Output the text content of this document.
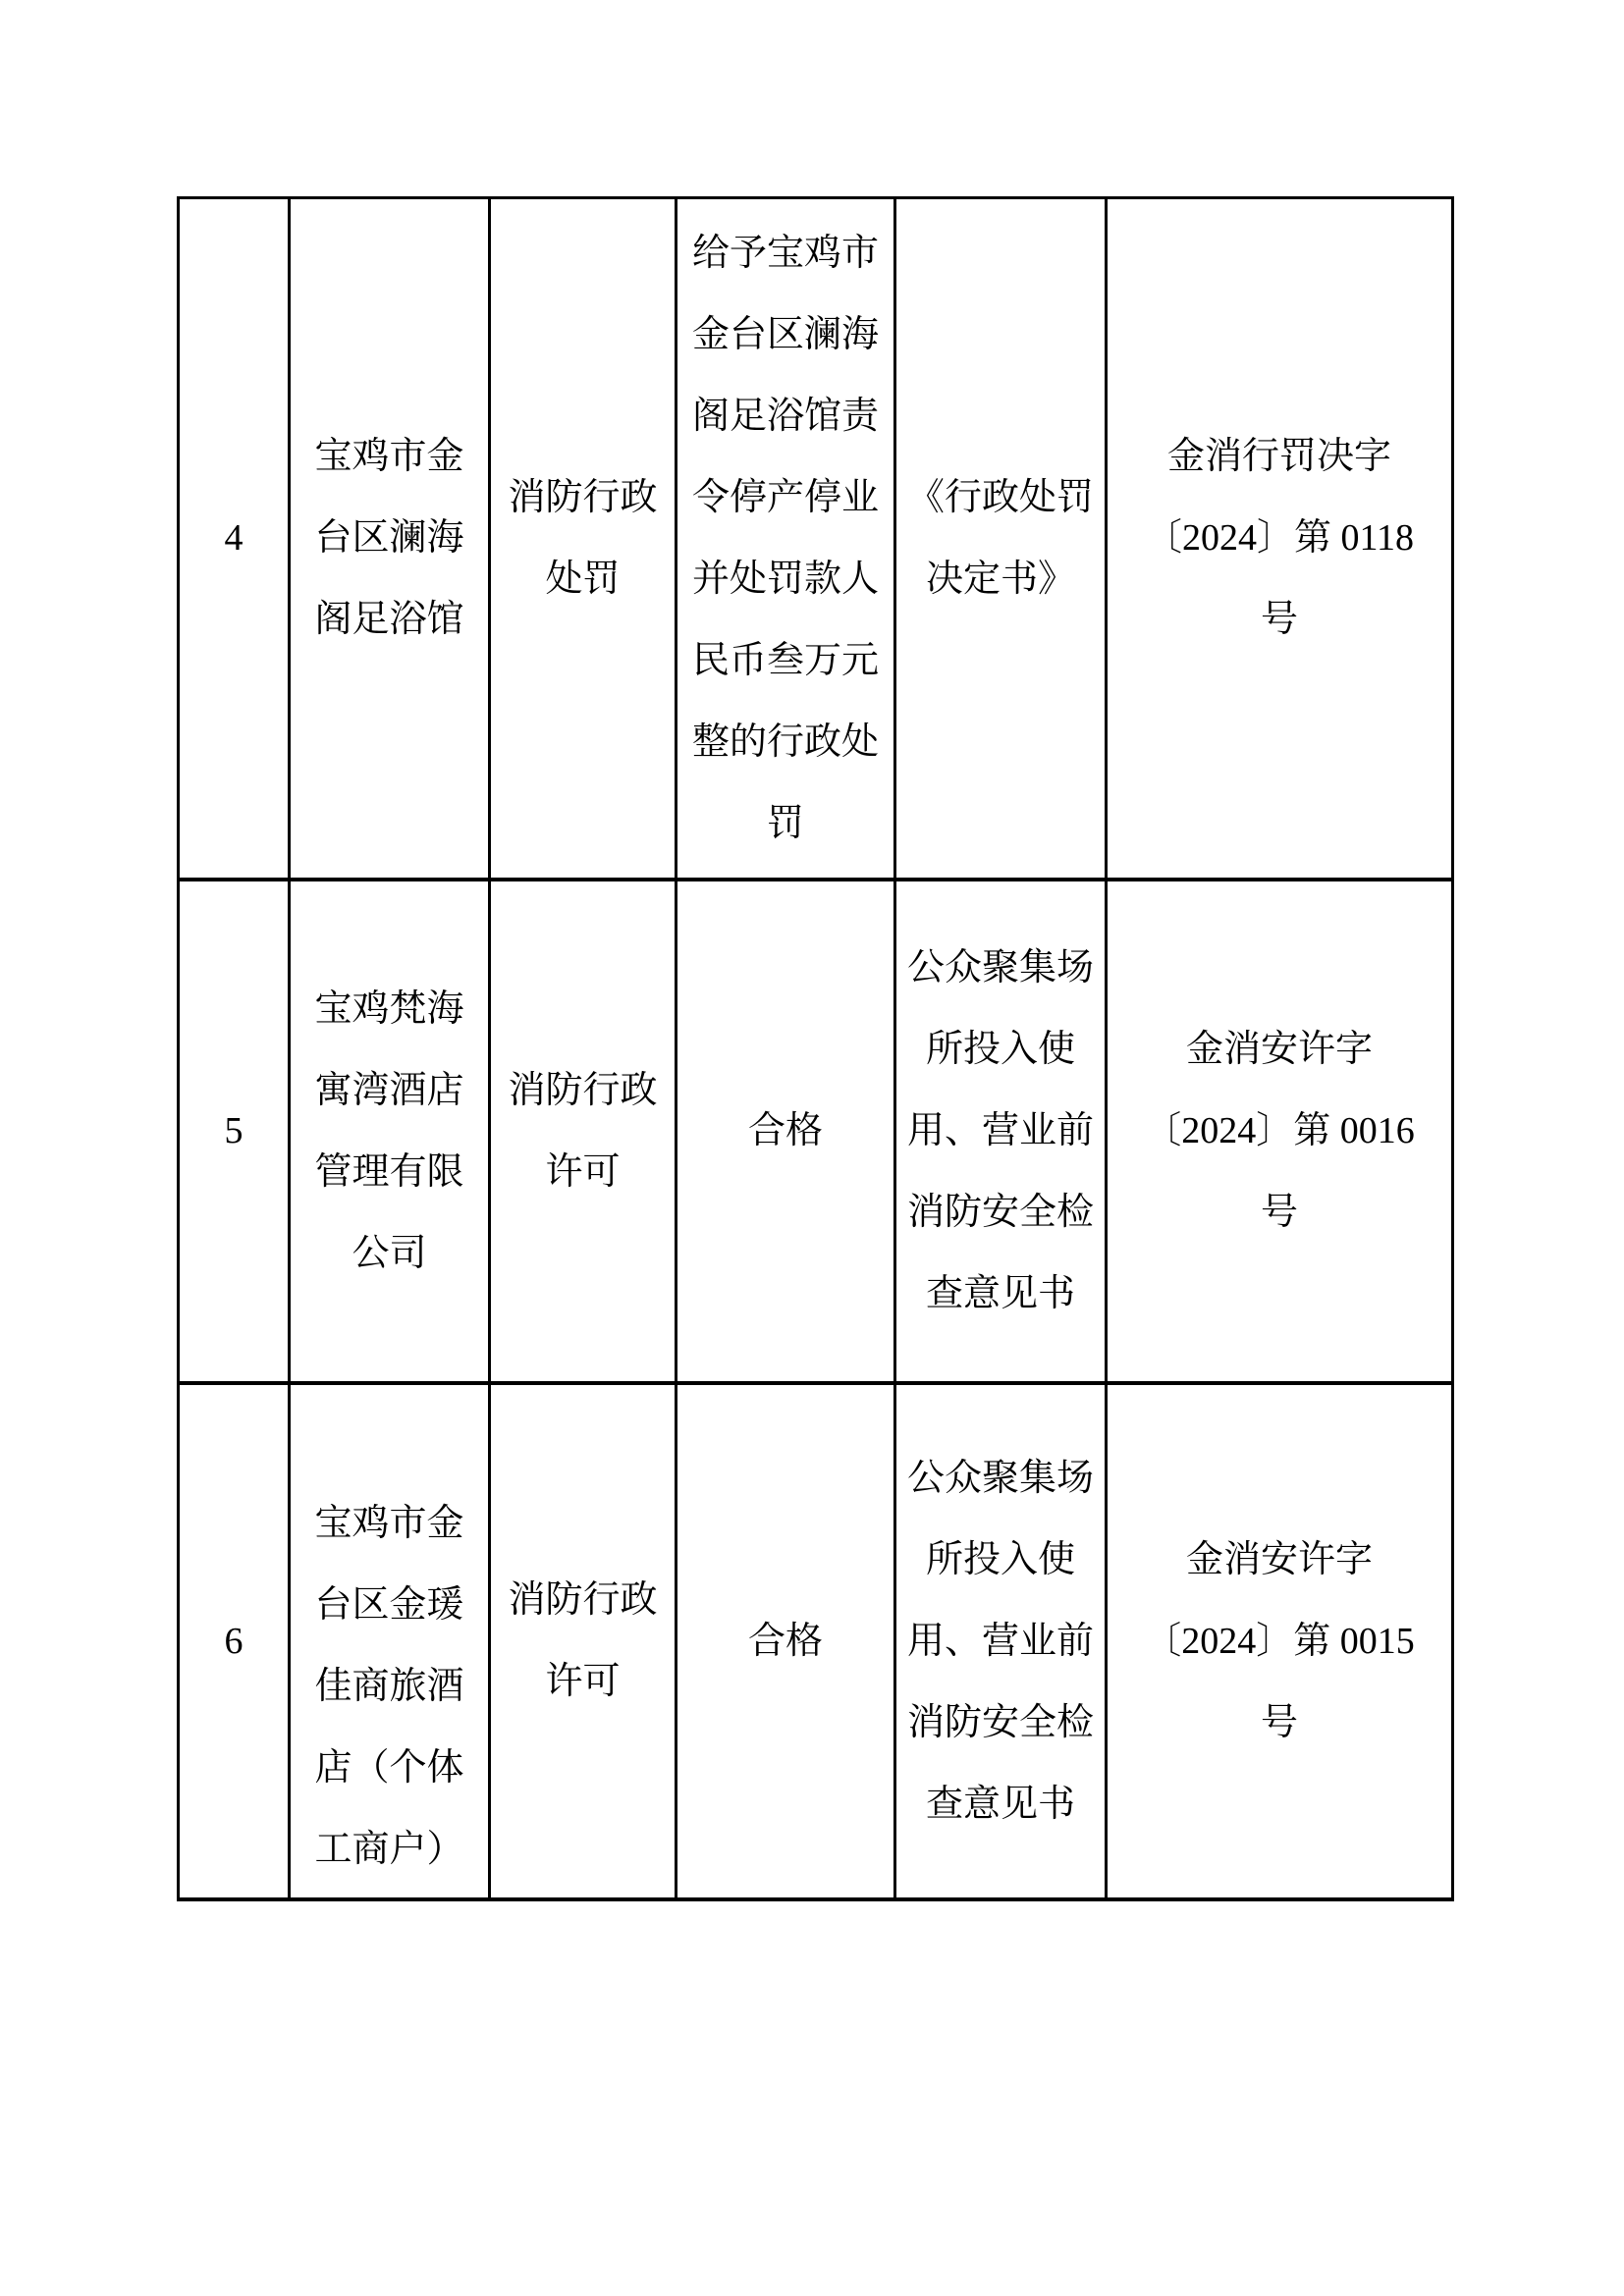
4
宝鸡市金
台区澜海
阁足浴馆
消防行政
处罚
给予宝鸡市
金台区澜海
阁足浴馆责
令停产停业
并处罚款人
民币叁万元
整的行政处
罚
《行政处罚
决定书》
金消行罚决字
〔2024〕第 0118
号
5
宝鸡梵海
寓湾酒店
管理有限
公司
消防行政
许可
合格
公众聚集场
所投入使
用、营业前
消防安全检
查意见书
金消安许字
〔2024〕第 0016
号
6
宝鸡市金
台区金瑗
佳商旅酒
店（个体
工商户）
消防行政
许可
合格
公众聚集场
所投入使
用、营业前
消防安全检
查意见书
金消安许字
〔2024〕第 0015
号
